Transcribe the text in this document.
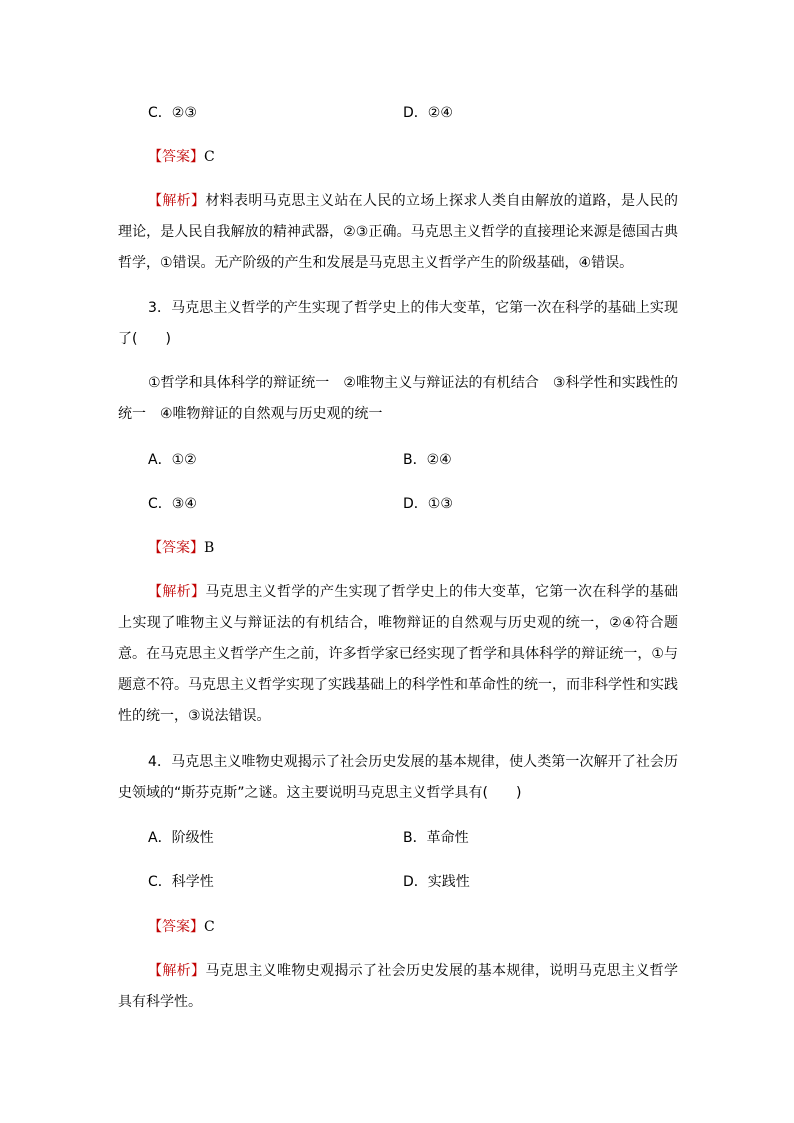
C．②③	D．②④
【答案】C
【解析】材料表明马克思主义站在人民的立场上探求人类自由解放的道路，是人民的理论，是人民自我解放的精神武器，②③正确。马克思主义哲学的直接理论来源是德国古典哲学，①错误。无产阶级的产生和发展是马克思主义哲学产生的阶级基础，④错误。
3．马克思主义哲学的产生实现了哲学史上的伟大变革，它第一次在科学的基础上实现了(　　)
①哲学和具体科学的辩证统一　②唯物主义与辩证法的有机结合　③科学性和实践性的统一　④唯物辩证的自然观与历史观的统一
A．①②	B．②④
C．③④	D．①③
【答案】B
【解析】马克思主义哲学的产生实现了哲学史上的伟大变革，它第一次在科学的基础上实现了唯物主义与辩证法的有机结合，唯物辩证的自然观与历史观的统一，②④符合题意。在马克思主义哲学产生之前，许多哲学家已经实现了哲学和具体科学的辩证统一，①与题意不符。马克思主义哲学实现了实践基础上的科学性和革命性的统一，而非科学性和实践性的统一，③说法错误。
4．马克思主义唯物史观揭示了社会历史发展的基本规律，使人类第一次解开了社会历史领域的“斯芬克斯”之谜。这主要说明马克思主义哲学具有(　　)
A．阶级性	B．革命性
C．科学性	D．实践性
【答案】C
【解析】马克思主义唯物史观揭示了社会历史发展的基本规律，说明马克思主义哲学具有科学性。
